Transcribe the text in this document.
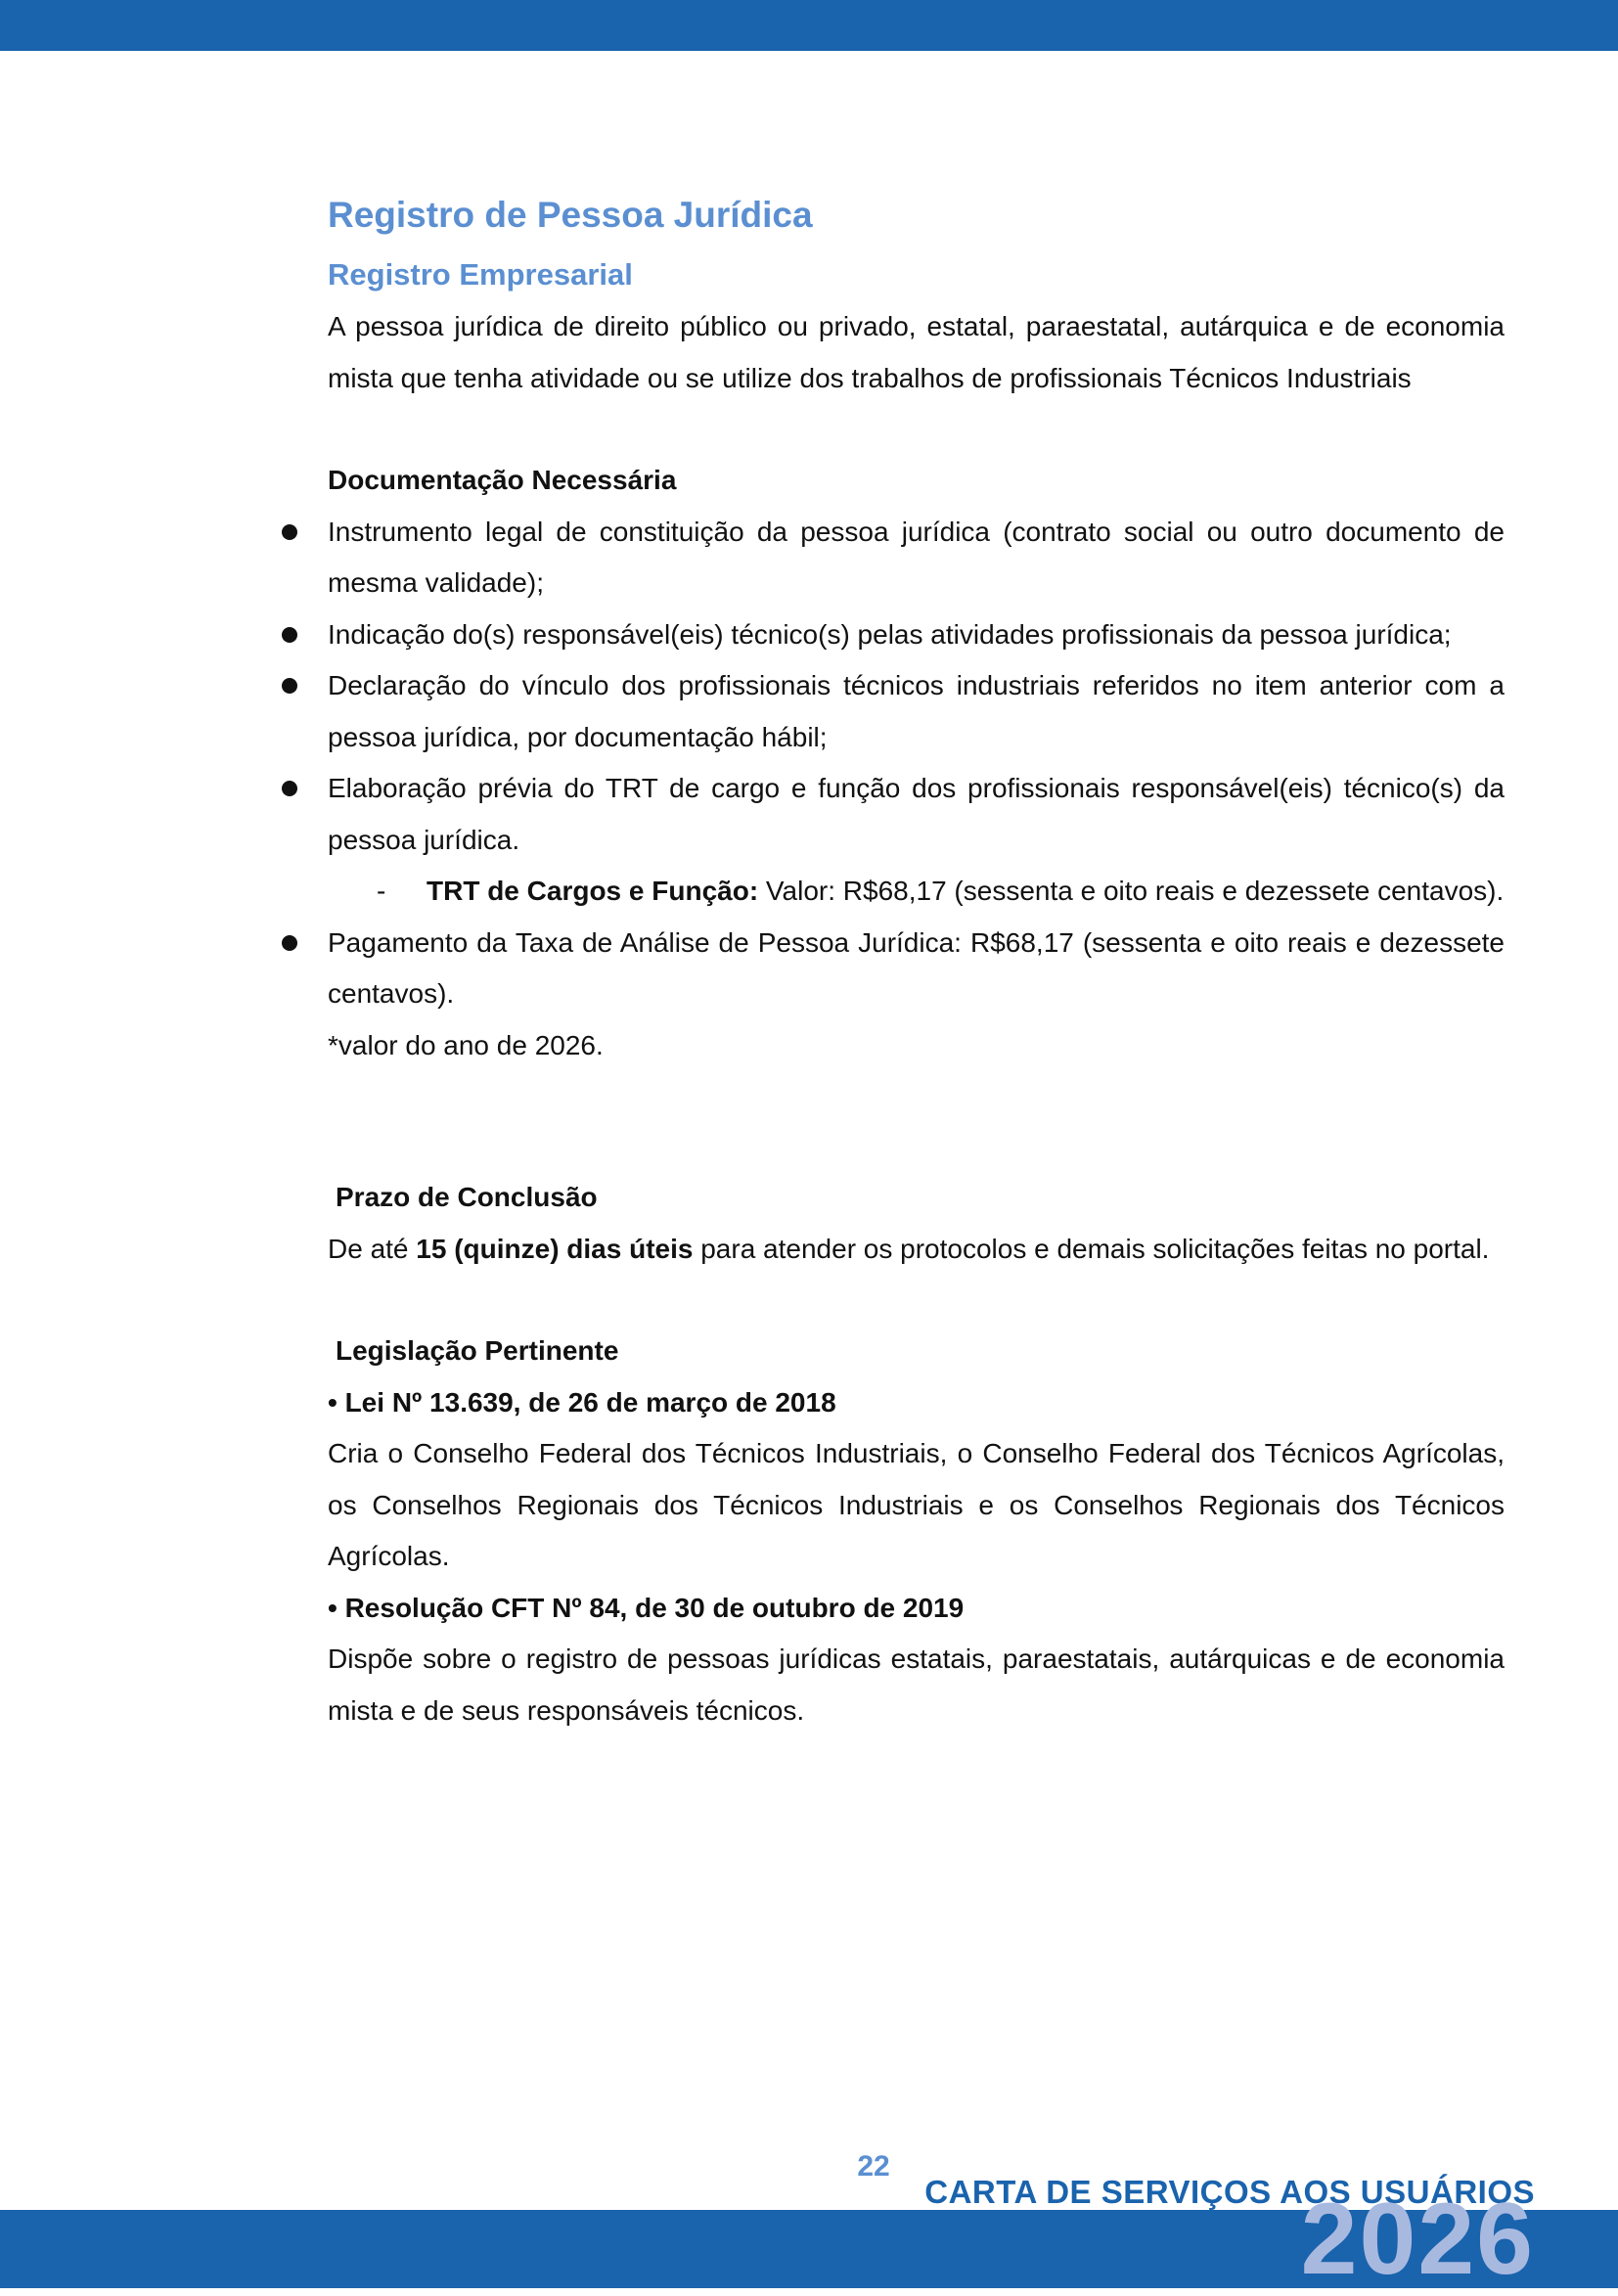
Registro de Pessoa Jurídica
Registro Empresarial

A pessoa jurídica de direito público ou privado, estatal, paraestatal, autárquica e de economia mista que tenha atividade ou se utilize dos trabalhos de profissionais Técnicos Industriais

Documentação Necessária
Instrumento legal de constituição da pessoa jurídica (contrato social ou outro documento de mesma validade);
Indicação do(s) responsável(eis) técnico(s) pelas atividades profissionais da pessoa jurídica;
Declaração do vínculo dos profissionais técnicos industriais referidos no item anterior com a pessoa jurídica, por documentação hábil;
Elaboração prévia do TRT de cargo e função dos profissionais responsável(eis) técnico(s) da pessoa jurídica.
- TRT de Cargos e Função: Valor: R$68,17 (sessenta e oito reais e dezessete centavos).
Pagamento da Taxa de Análise de Pessoa Jurídica: R$68,17 (sessenta e oito reais e dezessete centavos).

*valor do ano de 2026.

Prazo de Conclusão

De até 15 (quinze) dias úteis para atender os protocolos e demais solicitações feitas no portal.

Legislação Pertinente
• Lei Nº 13.639, de 26 de março de 2018

Cria o Conselho Federal dos Técnicos Industriais, o Conselho Federal dos Técnicos Agrícolas, os Conselhos Regionais dos Técnicos Industriais e os Conselhos Regionais dos Técnicos Agrícolas.

• Resolução CFT Nº 84, de 30 de outubro de 2019

Dispõe sobre o registro de pessoas jurídicas estatais, paraestatais, autárquicas e de economia mista e de seus responsáveis técnicos.

22
CARTA DE SERVIÇOS AOS USUÁRIOS
2026
